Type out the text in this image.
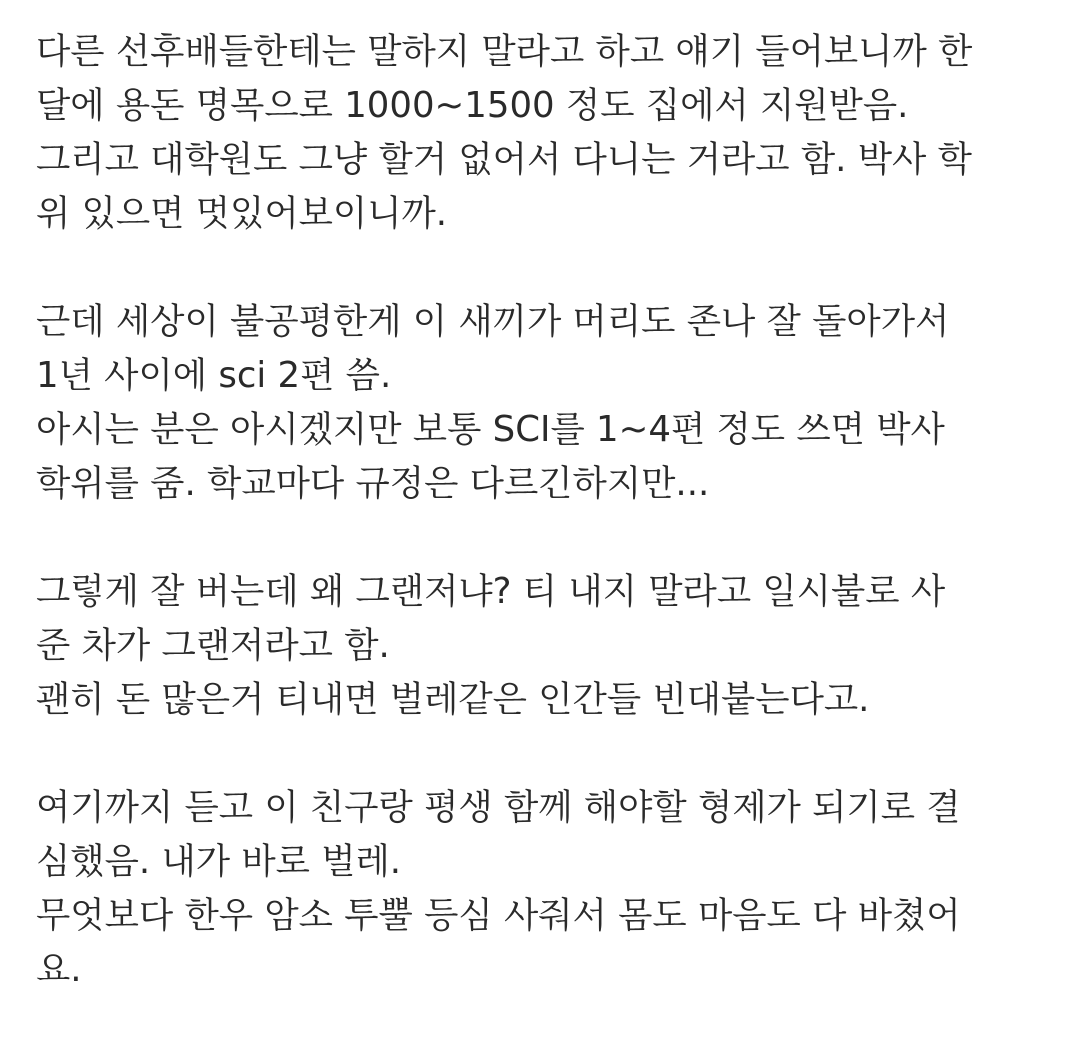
다른 선후배들한테는 말하지 말라고 하고 얘기 들어보니까 한
달에 용돈 명목으로 1000~1500 정도 집에서 지원받음.
그리고 대학원도 그냥 할거 없어서 다니는 거라고 함. 박사 학
위 있으면 멋있어보이니까.
근데 세상이 불공평한게 이 새끼가 머리도 존나 잘 돌아가서
1년 사이에 sci 2편 씀.
아시는 분은 아시겠지만 보통 SCI를 1~4편 정도 쓰면 박사
학위를 줌. 학교마다 규정은 다르긴하지만...
그렇게 잘 버는데 왜 그랜저냐? 티 내지 말라고 일시불로 사
준 차가 그랜저라고 함.
괜히 돈 많은거 티내면 벌레같은 인간들 빈대붙는다고.
여기까지 듣고 이 친구랑 평생 함께 해야할 형제가 되기로 결
심했음. 내가 바로 벌레.
무엇보다 한우 암소 투뿔 등심 사줘서 몸도 마음도 다 바쳤어
요.
